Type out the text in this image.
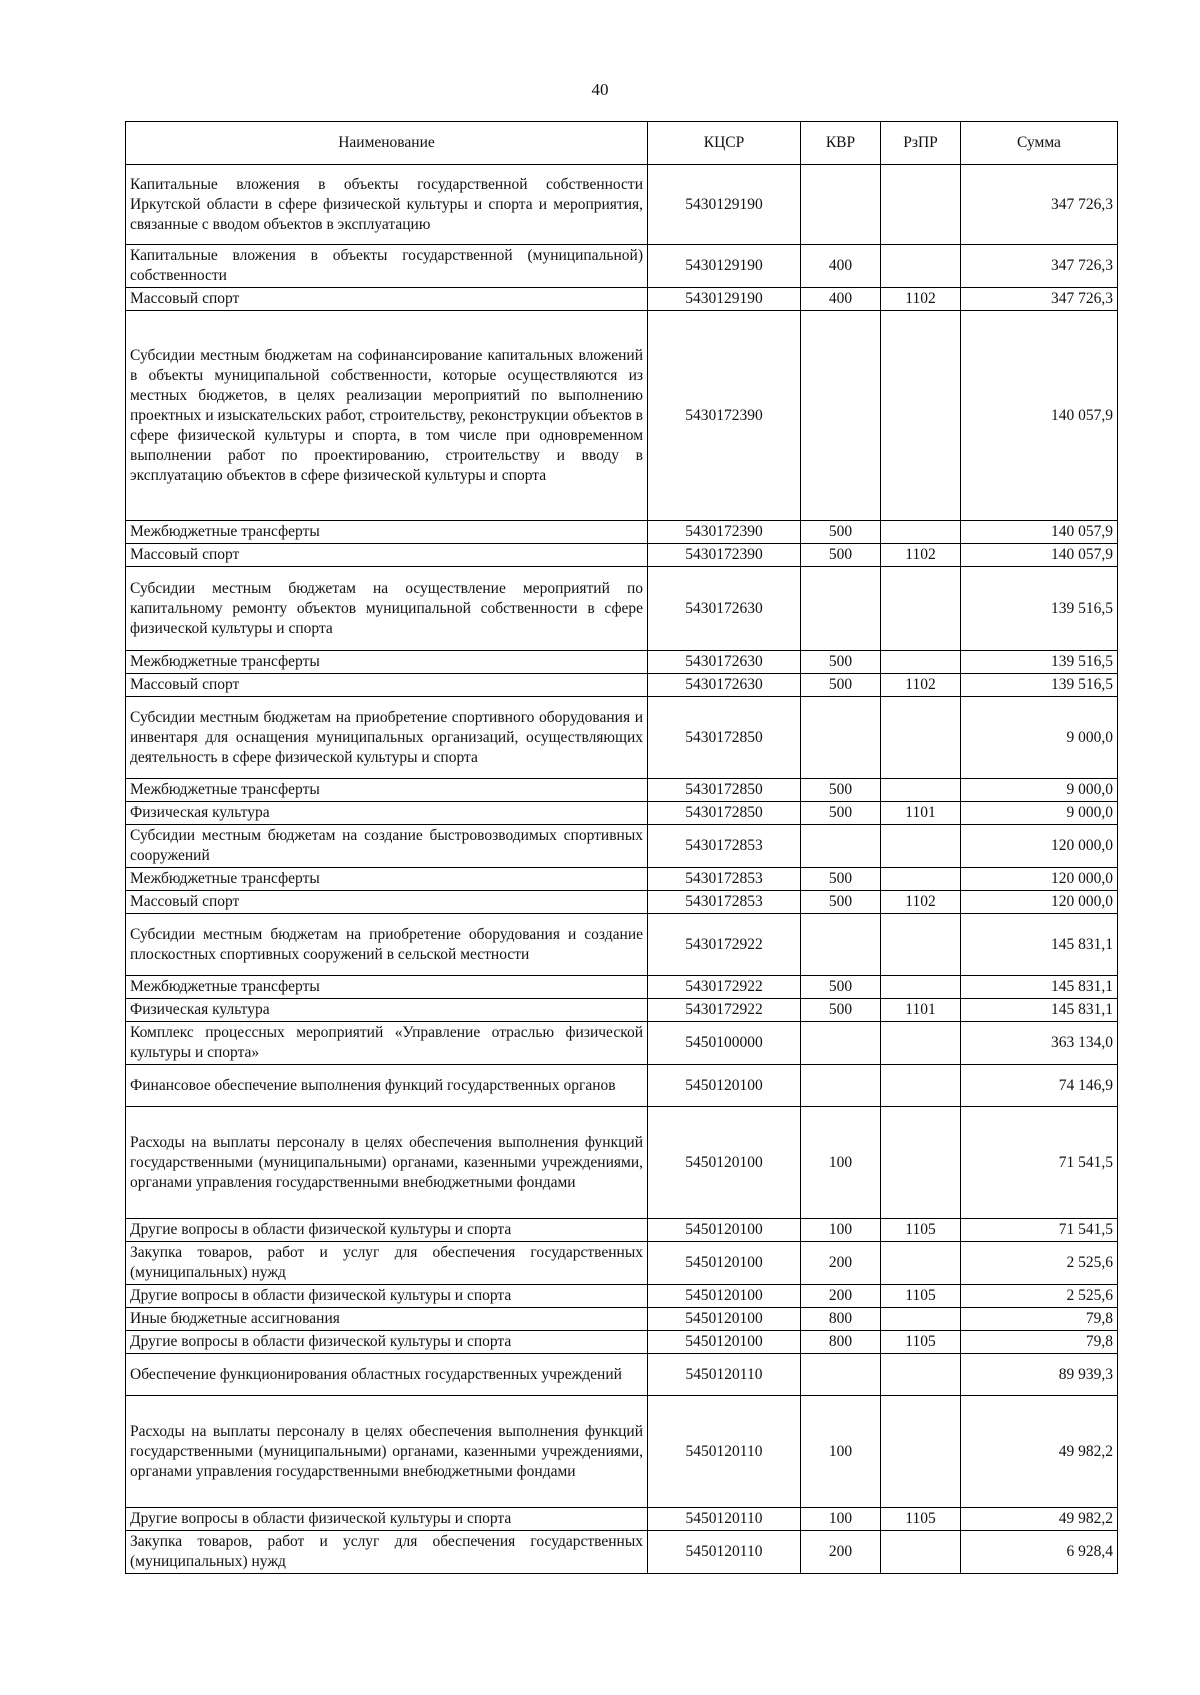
40
Наименование	КЦСР	КВР	РзПР	Сумма
Капитальные вложения в объекты государственной собственности Иркутской области в сфере физической культуры и спорта и мероприятия, связанные с вводом объектов в эксплуатацию	5430129190			347 726,3
Капитальные вложения в объекты государственной (муниципальной) собственности	5430129190	400		347 726,3
Массовый спорт	5430129190	400	1102	347 726,3
Субсидии местным бюджетам на софинансирование капитальных вложений в объекты муниципальной собственности, которые осуществляются из местных бюджетов, в целях реализации мероприятий по выполнению проектных и изыскательских работ, строительству, реконструкции объектов в сфере физической культуры и спорта, в том числе при одновременном выполнении работ по проектированию, строительству и вводу в эксплуатацию объектов в сфере физической культуры и спорта	5430172390			140 057,9
Межбюджетные трансферты	5430172390	500		140 057,9
Массовый спорт	5430172390	500	1102	140 057,9
Субсидии местным бюджетам на осуществление мероприятий по капитальному ремонту объектов муниципальной собственности в сфере физической культуры и спорта	5430172630			139 516,5
Межбюджетные трансферты	5430172630	500		139 516,5
Массовый спорт	5430172630	500	1102	139 516,5
Субсидии местным бюджетам на приобретение спортивного оборудования и инвентаря для оснащения муниципальных организаций, осуществляющих деятельность в сфере физической культуры и спорта	5430172850			9 000,0
Межбюджетные трансферты	5430172850	500		9 000,0
Физическая культура	5430172850	500	1101	9 000,0
Субсидии местным бюджетам на создание быстровозводимых спортивных сооружений	5430172853			120 000,0
Межбюджетные трансферты	5430172853	500		120 000,0
Массовый спорт	5430172853	500	1102	120 000,0
Субсидии местным бюджетам на приобретение оборудования и создание плоскостных спортивных сооружений в сельской местности	5430172922			145 831,1
Межбюджетные трансферты	5430172922	500		145 831,1
Физическая культура	5430172922	500	1101	145 831,1
Комплекс процессных мероприятий «Управление отраслью физической культуры и спорта»	5450100000			363 134,0
Финансовое обеспечение выполнения функций государственных органов	5450120100			74 146,9
Расходы на выплаты персоналу в целях обеспечения выполнения функций государственными (муниципальными) органами, казенными учреждениями, органами управления государственными внебюджетными фондами	5450120100	100		71 541,5
Другие вопросы в области физической культуры и спорта	5450120100	100	1105	71 541,5
Закупка товаров, работ и услуг для обеспечения государственных (муниципальных) нужд	5450120100	200		2 525,6
Другие вопросы в области физической культуры и спорта	5450120100	200	1105	2 525,6
Иные бюджетные ассигнования	5450120100	800		79,8
Другие вопросы в области физической культуры и спорта	5450120100	800	1105	79,8
Обеспечение функционирования областных государственных учреждений	5450120110			89 939,3
Расходы на выплаты персоналу в целях обеспечения выполнения функций государственными (муниципальными) органами, казенными учреждениями, органами управления государственными внебюджетными фондами	5450120110	100		49 982,2
Другие вопросы в области физической культуры и спорта	5450120110	100	1105	49 982,2
Закупка товаров, работ и услуг для обеспечения государственных (муниципальных) нужд	5450120110	200		6 928,4
